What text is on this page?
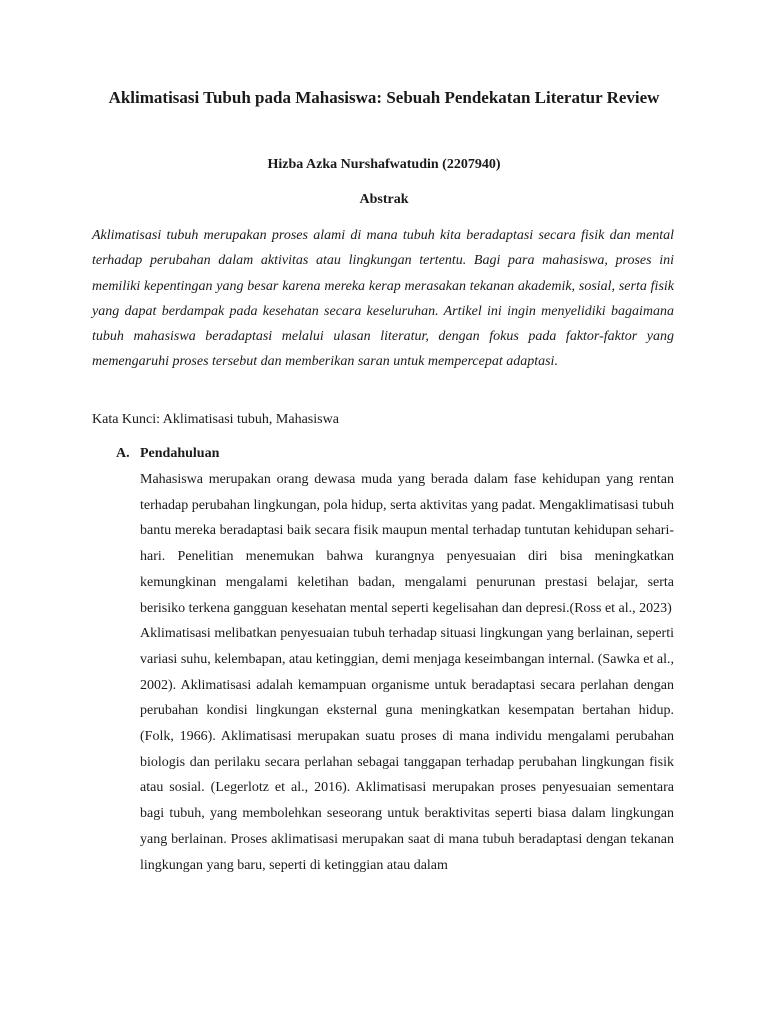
Aklimatisasi Tubuh pada Mahasiswa: Sebuah Pendekatan Literatur Review

Hizba Azka Nurshafwatudin (2207940)

Abstrak

Aklimatisasi tubuh merupakan proses alami di mana tubuh kita beradaptasi secara fisik dan mental terhadap perubahan dalam aktivitas atau lingkungan tertentu. Bagi para mahasiswa, proses ini memiliki kepentingan yang besar karena mereka kerap merasakan tekanan akademik, sosial, serta fisik yang dapat berdampak pada kesehatan secara keseluruhan. Artikel ini ingin menyelidiki bagaimana tubuh mahasiswa beradaptasi melalui ulasan literatur, dengan fokus pada faktor-faktor yang memengaruhi proses tersebut dan memberikan saran untuk mempercepat adaptasi.

Kata Kunci: Aklimatisasi tubuh, Mahasiswa

A. Pendahuluan

Mahasiswa merupakan orang dewasa muda yang berada dalam fase kehidupan yang rentan terhadap perubahan lingkungan, pola hidup, serta aktivitas yang padat. Mengaklimatisasi tubuh bantu mereka beradaptasi baik secara fisik maupun mental terhadap tuntutan kehidupan sehari-hari. Penelitian menemukan bahwa kurangnya penyesuaian diri bisa meningkatkan kemungkinan mengalami keletihan badan, mengalami penurunan prestasi belajar, serta berisiko terkena gangguan kesehatan mental seperti kegelisahan dan depresi.(Ross et al., 2023)

Aklimatisasi melibatkan penyesuaian tubuh terhadap situasi lingkungan yang berlainan, seperti variasi suhu, kelembapan, atau ketinggian, demi menjaga keseimbangan internal. (Sawka et al., 2002). Aklimatisasi adalah kemampuan organisme untuk beradaptasi secara perlahan dengan perubahan kondisi lingkungan eksternal guna meningkatkan kesempatan bertahan hidup. (Folk, 1966). Aklimatisasi merupakan suatu proses di mana individu mengalami perubahan biologis dan perilaku secara perlahan sebagai tanggapan terhadap perubahan lingkungan fisik atau sosial. (Legerlotz et al., 2016). Aklimatisasi merupakan proses penyesuaian sementara bagi tubuh, yang membolehkan seseorang untuk beraktivitas seperti biasa dalam lingkungan yang berlainan. Proses aklimatisasi merupakan saat di mana tubuh beradaptasi dengan tekanan lingkungan yang baru, seperti di ketinggian atau dalam
